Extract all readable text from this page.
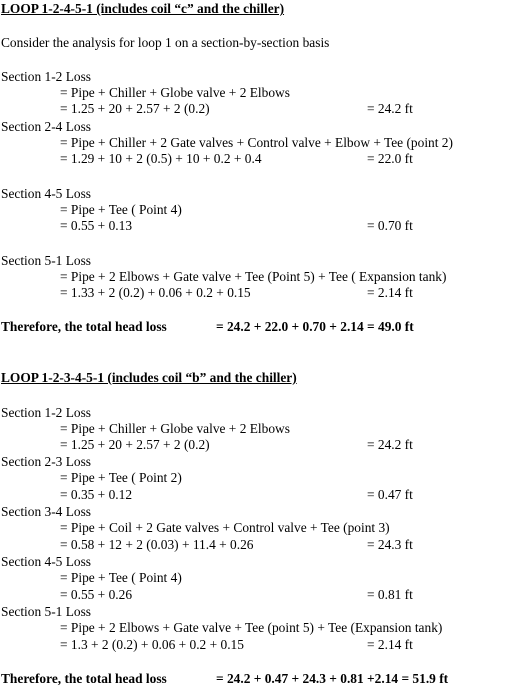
LOOP 1-2-4-5-1 (includes coil “c” and the chiller)
Consider the analysis for loop 1 on a section-by-section basis
Section 1-2 Loss
= Pipe + Chiller + Globe valve + 2 Elbows
= 1.25 + 20 + 2.57 + 2 (0.2)	= 24.2 ft
Section 2-4 Loss
= Pipe + Chiller + 2 Gate valves + Control valve + Elbow + Tee (point 2)
= 1.29 + 10 + 2 (0.5) + 10 + 0.2 + 0.4	= 22.0 ft
Section 4-5 Loss
= Pipe + Tee ( Point 4)
= 0.55 + 0.13	= 0.70 ft
Section 5-1 Loss
= Pipe + 2 Elbows + Gate valve + Tee (Point 5) + Tee ( Expansion tank)
= 1.33 + 2 (0.2) + 0.06 + 0.2 + 0.15	= 2.14 ft
Therefore, the total head loss	= 24.2 + 22.0 + 0.70 + 2.14 = 49.0 ft
LOOP 1-2-3-4-5-1 (includes coil “b” and the chiller)
Section 1-2 Loss
= Pipe + Chiller + Globe valve + 2 Elbows
= 1.25 + 20 + 2.57 + 2 (0.2)	= 24.2 ft
Section 2-3 Loss
= Pipe + Tee ( Point 2)
= 0.35 + 0.12	= 0.47 ft
Section 3-4 Loss
= Pipe + Coil + 2 Gate valves + Control valve + Tee (point 3)
= 0.58 + 12 + 2 (0.03) + 11.4 + 0.26	= 24.3 ft
Section 4-5 Loss
= Pipe + Tee ( Point 4)
= 0.55 + 0.26	= 0.81 ft
Section 5-1 Loss
= Pipe + 2 Elbows + Gate valve + Tee (point 5) + Tee (Expansion tank)
= 1.3 + 2 (0.2) + 0.06 + 0.2 + 0.15	= 2.14 ft
Therefore, the total head loss	= 24.2 + 0.47 + 24.3 + 0.81 +2.14 = 51.9 ft
